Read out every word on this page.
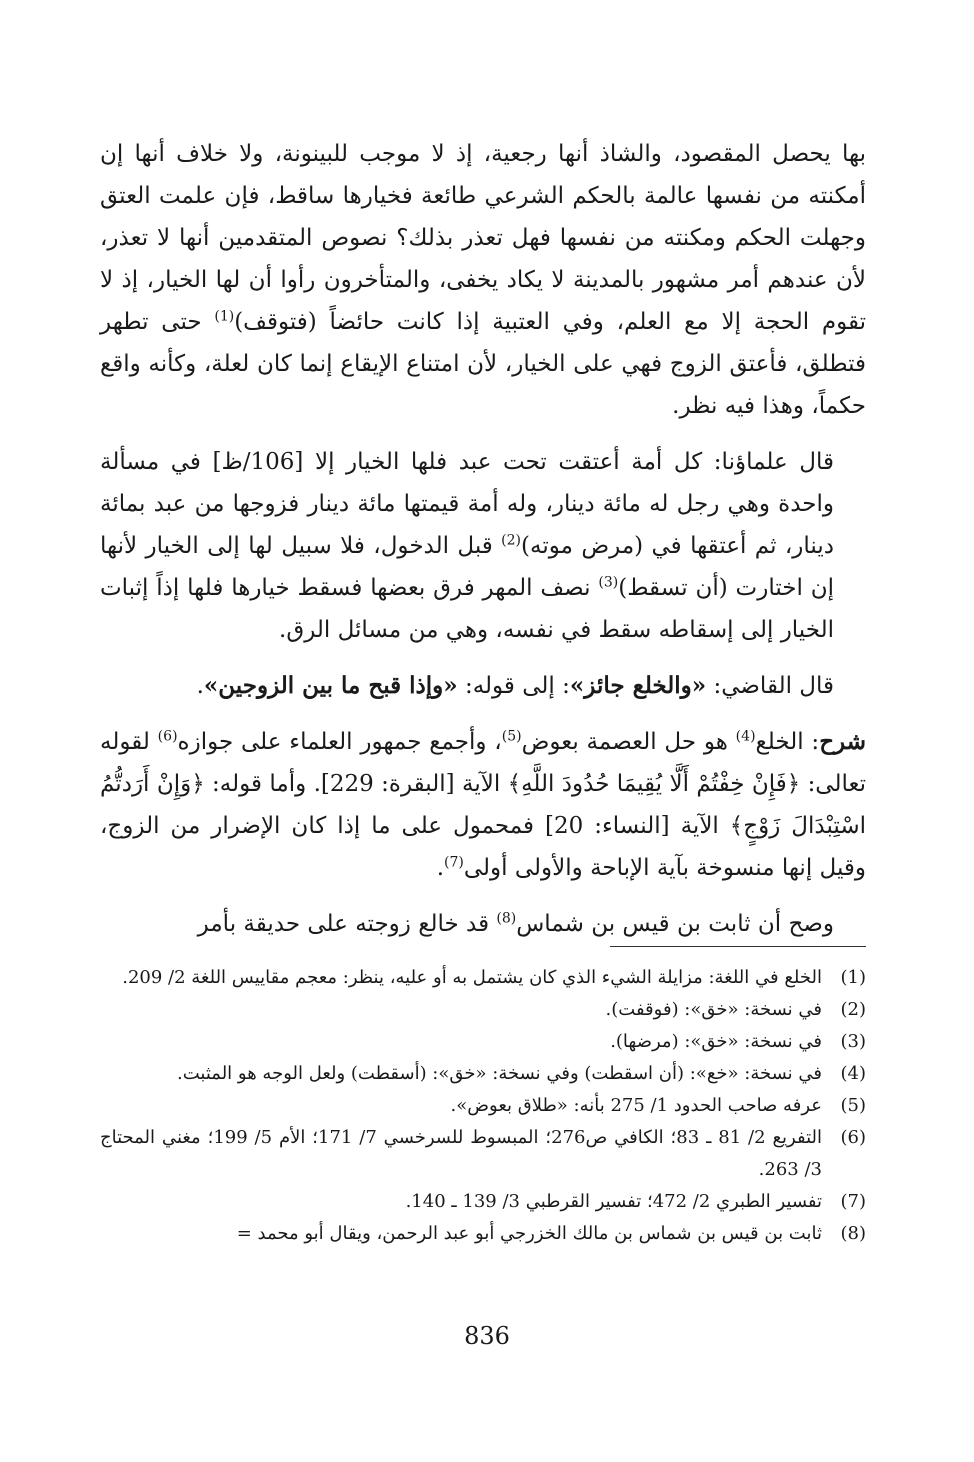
بها يحصل المقصود، والشاذ أنها رجعية، إذ لا موجب للبينونة، ولا خلاف أنها إن أمكنته من نفسها عالمة بالحكم الشرعي طائعة فخيارها ساقط، فإن علمت العتق وجهلت الحكم ومكنته من نفسها فهل تعذر بذلك؟ نصوص المتقدمين أنها لا تعذر، لأن عندهم أمر مشهور بالمدينة لا يكاد يخفى، والمتأخرون رأوا أن لها الخيار، إذ لا تقوم الحجة إلا مع العلم، وفي العتبية إذا كانت حائضاً (فتوقف)$^{(1)}$ حتى تطهر فتطلق، فأعتق الزوج فهي على الخيار، لأن امتناع الإيقاع إنما كان لعلة، وكأنه واقع حكماً، وهذا فيه نظر.

قال علماؤنا: كل أمة أعتقت تحت عبد فلها الخيار إلا [106/ظ] في مسألة واحدة وهي رجل له مائة دينار، وله أمة قيمتها مائة دينار فزوجها من عبد بمائة دينار، ثم أعتقها في (مرض موته)$^{(2)}$ قبل الدخول، فلا سبيل لها إلى الخيار لأنها إن اختارت (أن تسقط)$^{(3)}$ نصف المهر فرق بعضها فسقط خيارها فلها إذاً إثبات الخيار إلى إسقاطه سقط في نفسه، وهي من مسائل الرق.

قال القاضي: «والخلع جائز»: إلى قوله: «وإذا قبح ما بين الزوجين».

شرح: الخلع$^{(4)}$ هو حل العصمة بعوض$^{(5)}$، وأجمع جمهور العلماء على جوازه$^{(6)}$ لقوله تعالى: ﴿فَإِنْ خِفْتُمْ أَلَّا يُقِيمَا حُدُودَ اللَّهِ﴾ الآية [البقرة: 229]. وأما قوله: ﴿وَإِنْ أَرَدتُّمُ اسْتِبْدَالَ زَوْجٍ﴾ الآية [النساء: 20] فمحمول على ما إذا كان الإضرار من الزوج، وقيل إنها منسوخة بآية الإباحة والأولى أولى$^{(7)}$.

وصح أن ثابت بن قيس بن شماس$^{(8)}$ قد خالع زوجته على حديقة بأمر

(1)
الخلع في اللغة: مزايلة الشيء الذي كان يشتمل به أو عليه، ينظر: معجم مقاييس اللغة 2/ 209.
(2)
في نسخة: «خق»: (فوقفت).
(3)
في نسخة: «خق»: (مرضها).
(4)
في نسخة: «خع»: (أن اسقطت) وفي نسخة: «خق»: (أسقطت) ولعل الوجه هو المثبت.
(5)
عرفه صاحب الحدود 1/ 275 بأنه: «طلاق بعوض».
(6)
التفريع 2/ 81 ـ 83؛ الكافي ص276؛ المبسوط للسرخسي 7/ 171؛ الأم 5/ 199؛ مغني المحتاج 3/ 263.
(7)
تفسير الطبري 2/ 472؛ تفسير القرطبي 3/ 139 ـ 140.
(8)
ثابت بن قيس بن شماس بن مالك الخزرجي أبو عبد الرحمن، ويقال أبو محمد =
836
